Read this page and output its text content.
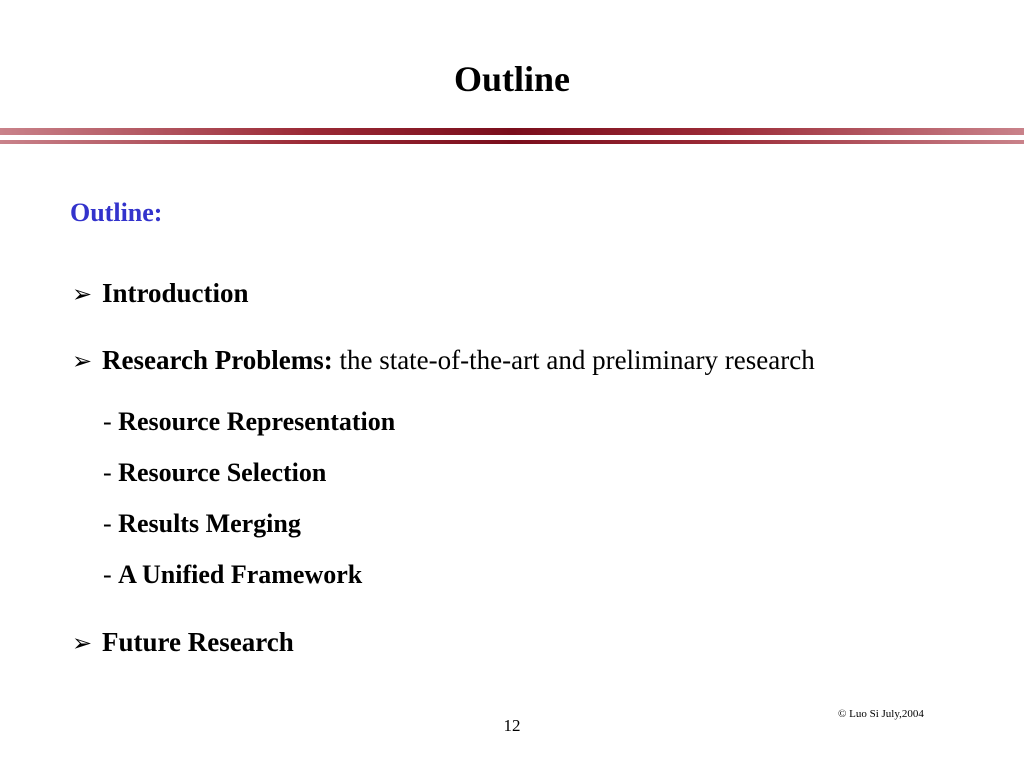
Outline
Outline:
➢ Introduction
➢ Research Problems: the state-of-the-art and preliminary research
- Resource Representation
- Resource Selection
- Results Merging
- A Unified Framework
➢ Future Research
© Luo Si July,2004
12
